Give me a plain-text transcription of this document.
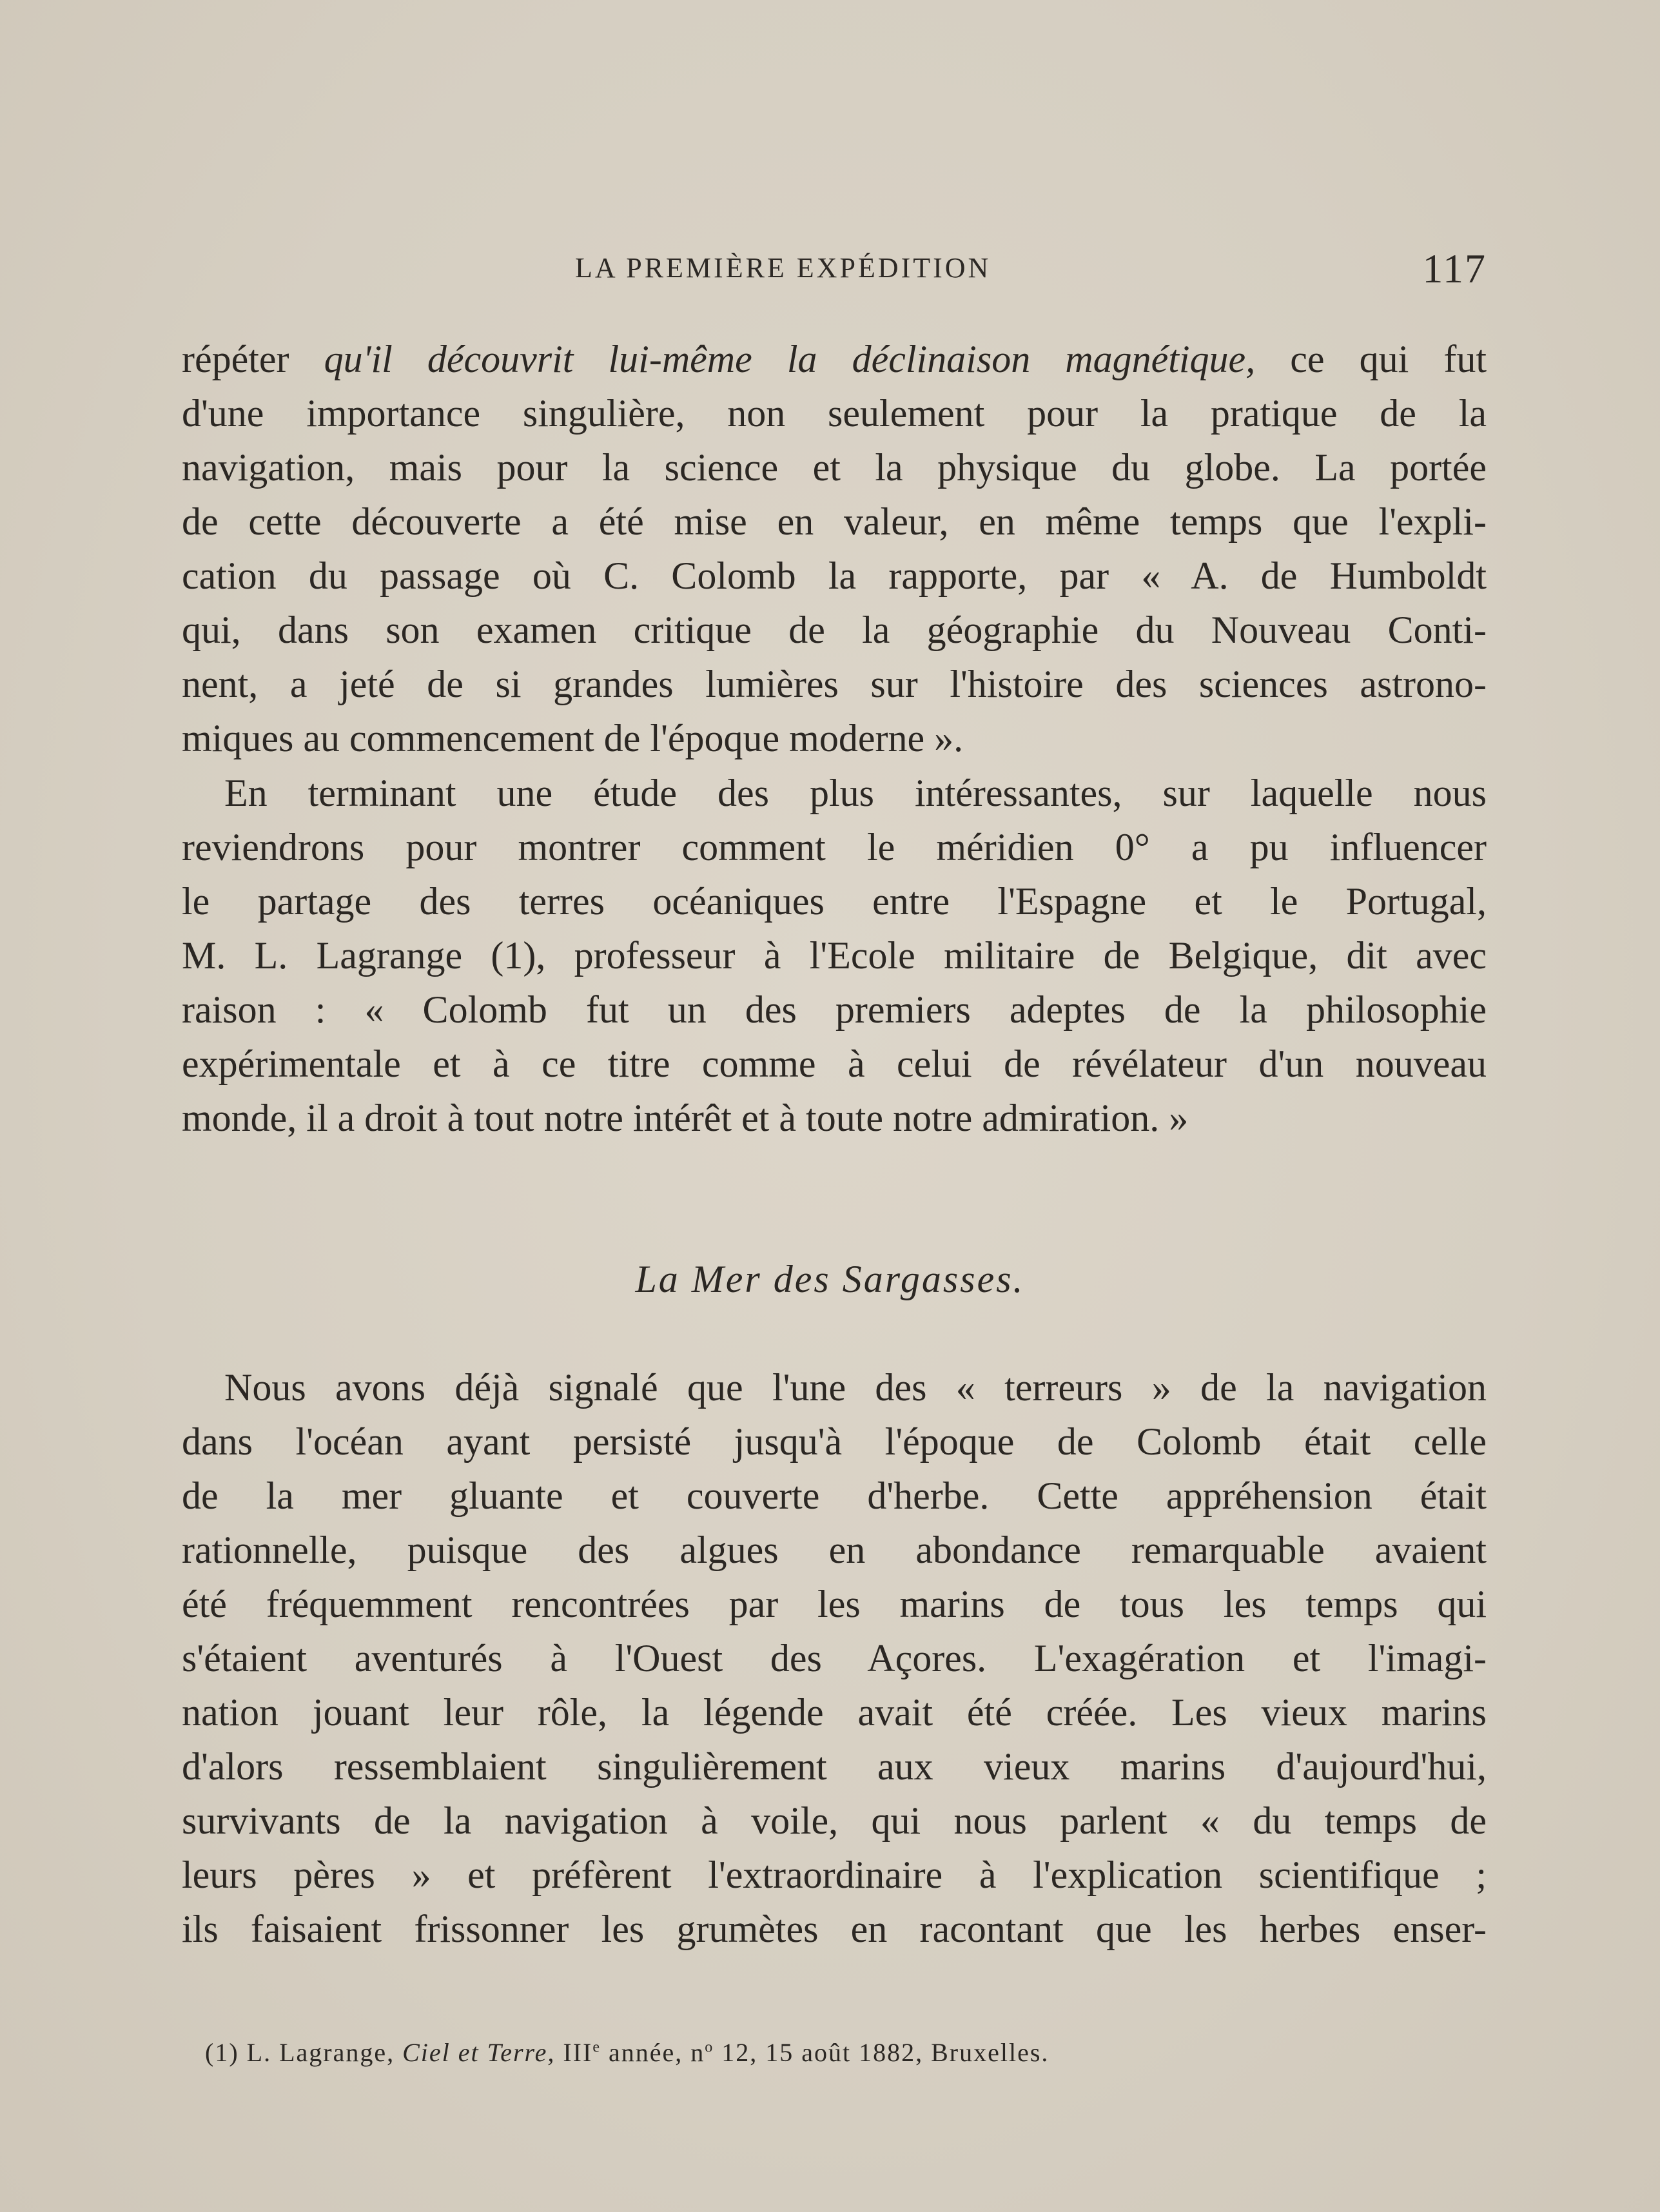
LA PREMIÈRE EXPÉDITION	117
répéter qu'il découvrit lui-même la déclinaison magnétique, ce qui fut
d'une importance singulière, non seulement pour la pratique de la
navigation, mais pour la science et la physique du globe. La portée
de cette découverte a été mise en valeur, en même temps que l'expli-
cation du passage où C. Colomb la rapporte, par « A. de Humboldt
qui, dans son examen critique de la géographie du Nouveau Conti-
nent, a jeté de si grandes lumières sur l'histoire des sciences astrono-
miques au commencement de l'époque moderne ».
En terminant une étude des plus intéressantes, sur laquelle nous
reviendrons pour montrer comment le méridien 0° a pu influencer
le partage des terres océaniques entre l'Espagne et le Portugal,
M. L. Lagrange (1), professeur à l'Ecole militaire de Belgique, dit avec
raison : « Colomb fut un des premiers adeptes de la philosophie
expérimentale et à ce titre comme à celui de révélateur d'un nouveau
monde, il a droit à tout notre intérêt et à toute notre admiration. »
La Mer des Sargasses.
Nous avons déjà signalé que l'une des « terreurs » de la navigation
dans l'océan ayant persisté jusqu'à l'époque de Colomb était celle
de la mer gluante et couverte d'herbe. Cette appréhension était
rationnelle, puisque des algues en abondance remarquable avaient
été fréquemment rencontrées par les marins de tous les temps qui
s'étaient aventurés à l'Ouest des Açores. L'exagération et l'imagi-
nation jouant leur rôle, la légende avait été créée. Les vieux marins
d'alors ressemblaient singulièrement aux vieux marins d'aujourd'hui,
survivants de la navigation à voile, qui nous parlent « du temps de
leurs pères » et préfèrent l'extraordinaire à l'explication scientifique ;
ils faisaient frissonner les grumètes en racontant que les herbes enser-
(1) L. Lagrange, Ciel et Terre, IIIe année, $n^o$ 12, 15 août 1882, Bruxelles.
